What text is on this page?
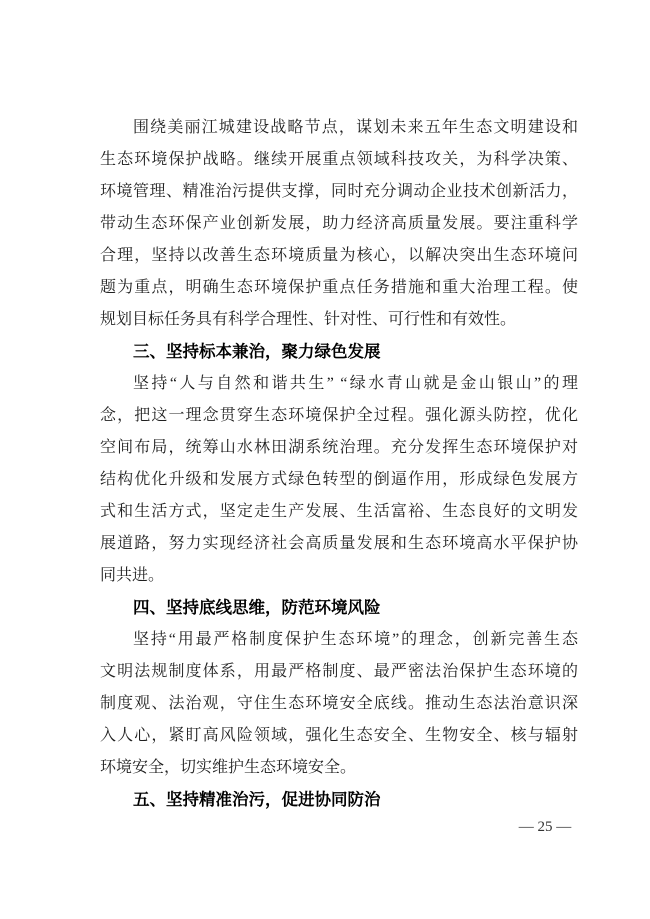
围绕美丽江城建设战略节点，谋划未来五年生态文明建设和
生态环境保护战略。继续开展重点领域科技攻关，为科学决策、
环境管理、精准治污提供支撑，同时充分调动企业技术创新活力，
带动生态环保产业创新发展，助力经济高质量发展。要注重科学
合理，坚持以改善生态环境质量为核心，以解决突出生态环境问
题为重点，明确生态环境保护重点任务措施和重大治理工程。使
规划目标任务具有科学合理性、针对性、可行性和有效性。
三、坚持标本兼治，聚力绿色发展
坚持“人与自然和谐共生” “绿水青山就是金山银山”的理
念，把这一理念贯穿生态环境保护全过程。强化源头防控，优化
空间布局，统筹山水林田湖系统治理。充分发挥生态环境保护对
结构优化升级和发展方式绿色转型的倒逼作用，形成绿色发展方
式和生活方式，坚定走生产发展、生活富裕、生态良好的文明发
展道路，努力实现经济社会高质量发展和生态环境高水平保护协
同共进。
四、坚持底线思维，防范环境风险
坚持“用最严格制度保护生态环境”的理念，创新完善生态
文明法规制度体系，用最严格制度、最严密法治保护生态环境的
制度观、法治观，守住生态环境安全底线。推动生态法治意识深
入人心，紧盯高风险领域，强化生态安全、生物安全、核与辐射
环境安全，切实维护生态环境安全。
五、坚持精准治污，促进协同防治
— 25 —
